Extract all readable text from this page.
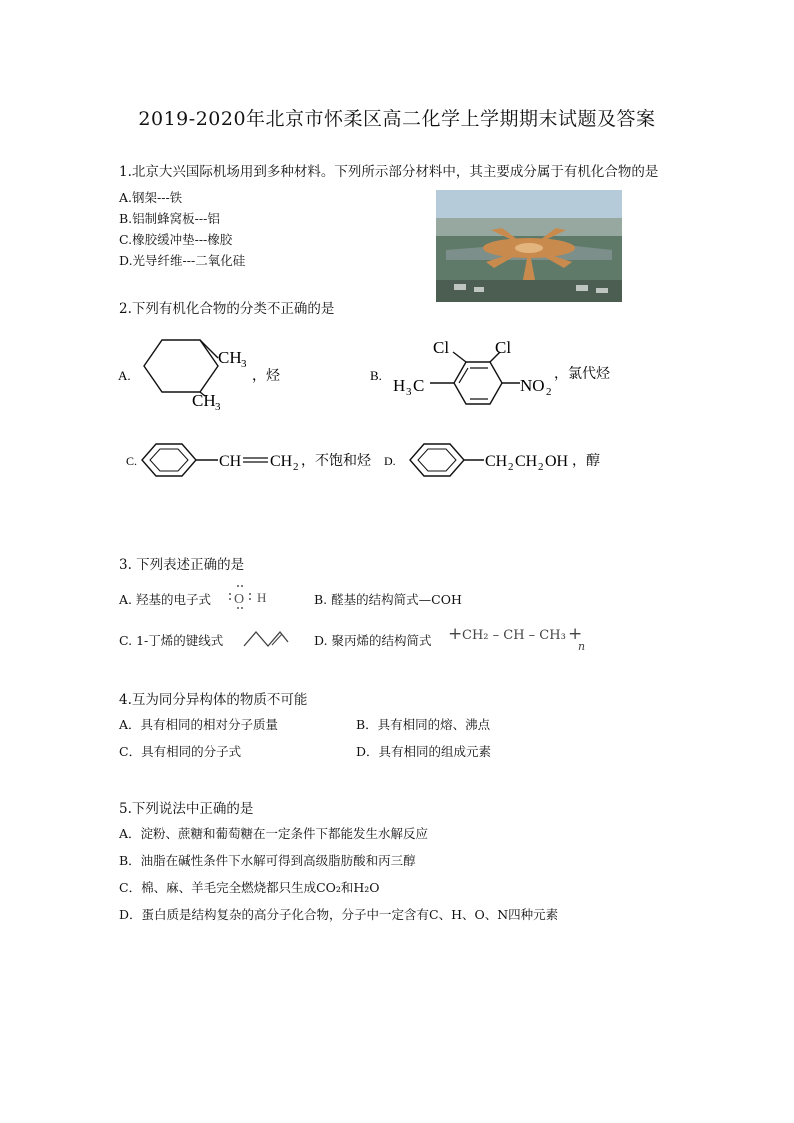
2019-2020年北京市怀柔区高二化学上学期期末试题及答案
1.北京大兴国际机场用到多种材料。下列所示部分材料中，其主要成分属于有机化合物的是
A.钢架---铁
B.铝制蜂窝板---铝
C.橡胶缓冲垫---橡胶
D.光导纤维---二氧化硅
2.下列有机化合物的分类不正确的是
A.
CH 3
CH 3
，烃	B.
Cl	Cl
H 3 C	NO 2
，氯代烃
C.	CH CH 2 ，不饱和烃 D.	CH 2 CH 2 OH ，醇
3. 下列表述正确的是
A. 羟基的电子式 O H	B. 醛基的结构简式—COH
C. 1-丁烯的键线式	D. 聚丙烯的结构简式 + CH₂ – CH – CH₃ +
n
4.互为同分异构体的物质不可能
A．具有相同的相对分子质量	B．具有相同的熔、沸点
C．具有相同的分子式	D．具有相同的组成元素
5.下列说法中正确的是
A．淀粉、蔗糖和葡萄糖在一定条件下都能发生水解反应
B．油脂在碱性条件下水解可得到高级脂肪酸和丙三醇
C．棉、麻、羊毛完全燃烧都只生成CO₂和H₂O
D．蛋白质是结构复杂的高分子化合物，分子中一定含有C、H、O、N四种元素
